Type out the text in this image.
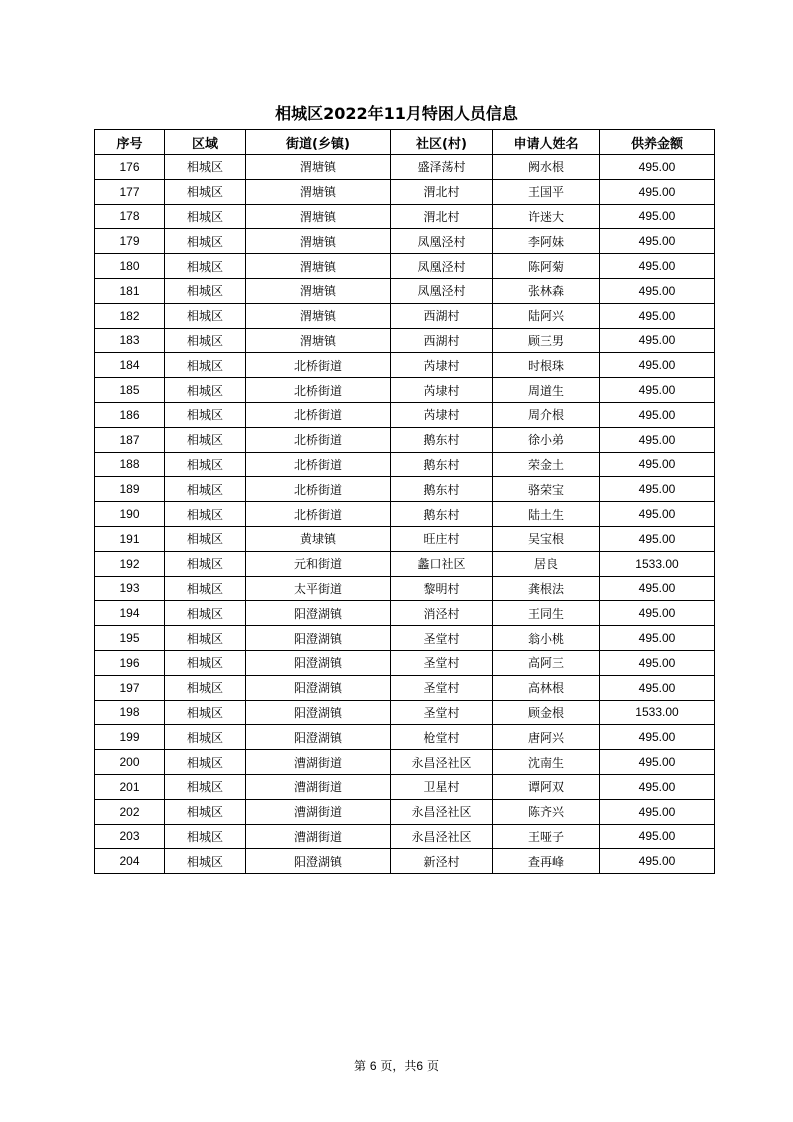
相城区2022年11月特困人员信息
序号	区域	街道(乡镇)	社区(村)	申请人姓名	供养金额
176	相城区	渭塘镇	盛泽荡村	阙水根	495.00
177	相城区	渭塘镇	渭北村	王国平	495.00
178	相城区	渭塘镇	渭北村	许迷大	495.00
179	相城区	渭塘镇	凤凰泾村	李阿妹	495.00
180	相城区	渭塘镇	凤凰泾村	陈阿菊	495.00
181	相城区	渭塘镇	凤凰泾村	张林森	495.00
182	相城区	渭塘镇	西湖村	陆阿兴	495.00
183	相城区	渭塘镇	西湖村	顾三男	495.00
184	相城区	北桥街道	芮埭村	时根珠	495.00
185	相城区	北桥街道	芮埭村	周道生	495.00
186	相城区	北桥街道	芮埭村	周介根	495.00
187	相城区	北桥街道	鹅东村	徐小弟	495.00
188	相城区	北桥街道	鹅东村	荣金土	495.00
189	相城区	北桥街道	鹅东村	骆荣宝	495.00
190	相城区	北桥街道	鹅东村	陆土生	495.00
191	相城区	黄埭镇	旺庄村	吴宝根	495.00
192	相城区	元和街道	蠡口社区	居良	1533.00
193	相城区	太平街道	黎明村	龚根法	495.00
194	相城区	阳澄湖镇	消泾村	王同生	495.00
195	相城区	阳澄湖镇	圣堂村	翁小桃	495.00
196	相城区	阳澄湖镇	圣堂村	高阿三	495.00
197	相城区	阳澄湖镇	圣堂村	高林根	495.00
198	相城区	阳澄湖镇	圣堂村	顾金根	1533.00
199	相城区	阳澄湖镇	枪堂村	唐阿兴	495.00
200	相城区	漕湖街道	永昌泾社区	沈南生	495.00
201	相城区	漕湖街道	卫星村	谭阿双	495.00
202	相城区	漕湖街道	永昌泾社区	陈齐兴	495.00
203	相城区	漕湖街道	永昌泾社区	王哑子	495.00
204	相城区	阳澄湖镇	新泾村	查再峰	495.00
第 6 页，共6 页
